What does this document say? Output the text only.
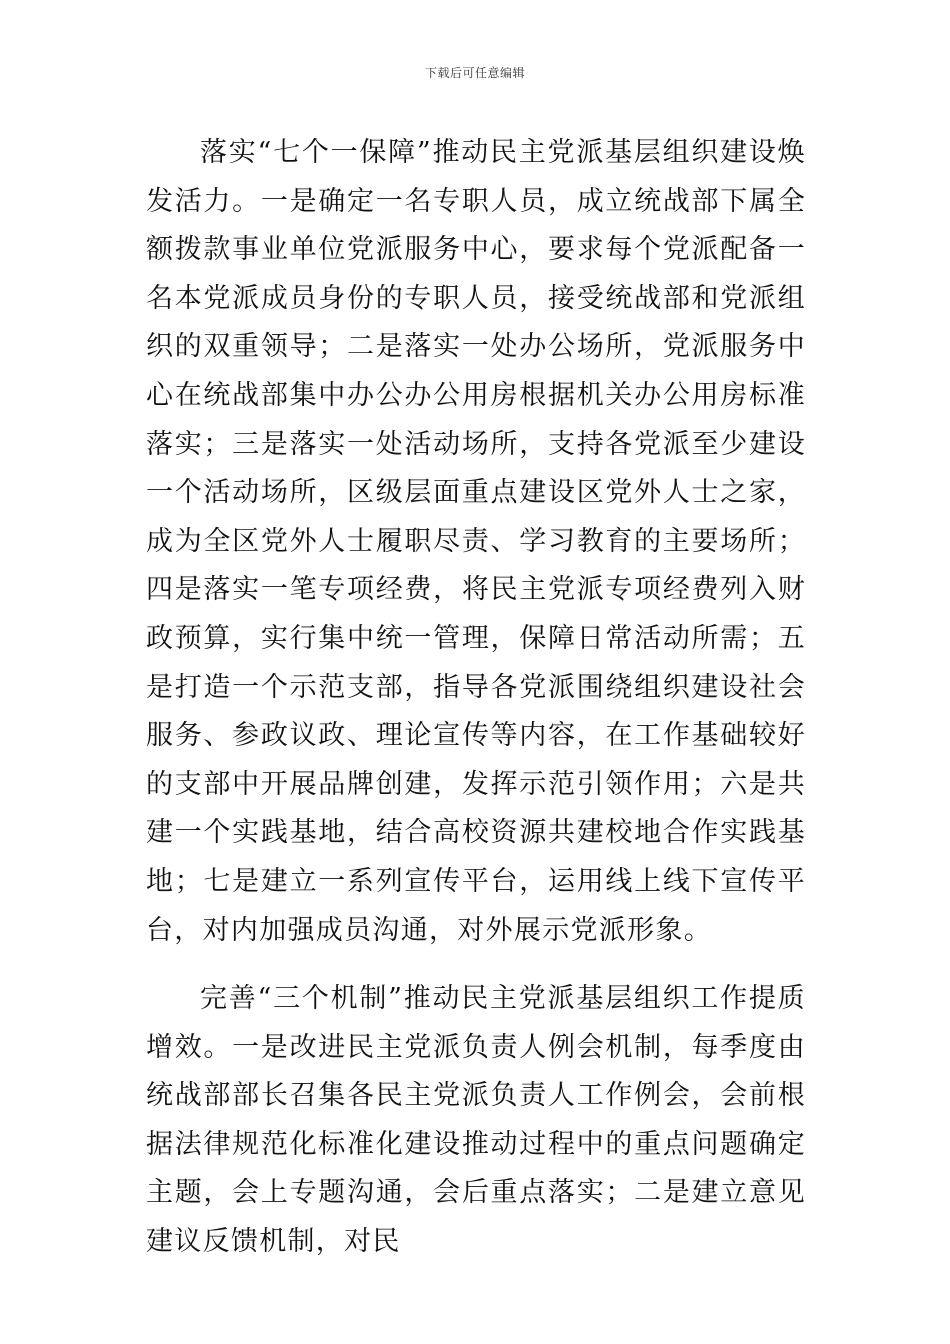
下载后可任意编辑

落实“七个一保障”推动民主党派基层组织建设焕发活力。一是确定一名专职人员，成立统战部下属全额拨款事业单位党派服务中心，要求每个党派配备一名本党派成员身份的专职人员，接受统战部和党派组织的双重领导；二是落实一处办公场所，党派服务中心在统战部集中办公办公用房根据机关办公用房标准落实；三是落实一处活动场所，支持各党派至少建设一个活动场所，区级层面重点建设区党外人士之家，成为全区党外人士履职尽责、学习教育的主要场所；四是落实一笔专项经费，将民主党派专项经费列入财政预算，实行集中统一管理，保障日常活动所需；五是打造一个示范支部，指导各党派围绕组织建设社会服务、参政议政、理论宣传等内容，在工作基础较好的支部中开展品牌创建，发挥示范引领作用；六是共建一个实践基地，结合高校资源共建校地合作实践基地；七是建立一系列宣传平台，运用线上线下宣传平台，对内加强成员沟通，对外展示党派形象。

完善“三个机制”推动民主党派基层组织工作提质增效。一是改进民主党派负责人例会机制，每季度由统战部部长召集各民主党派负责人工作例会，会前根据法律规范化标准化建设推动过程中的重点问题确定主题，会上专题沟通，会后重点落实；二是建立意见建议反馈机制，对民
